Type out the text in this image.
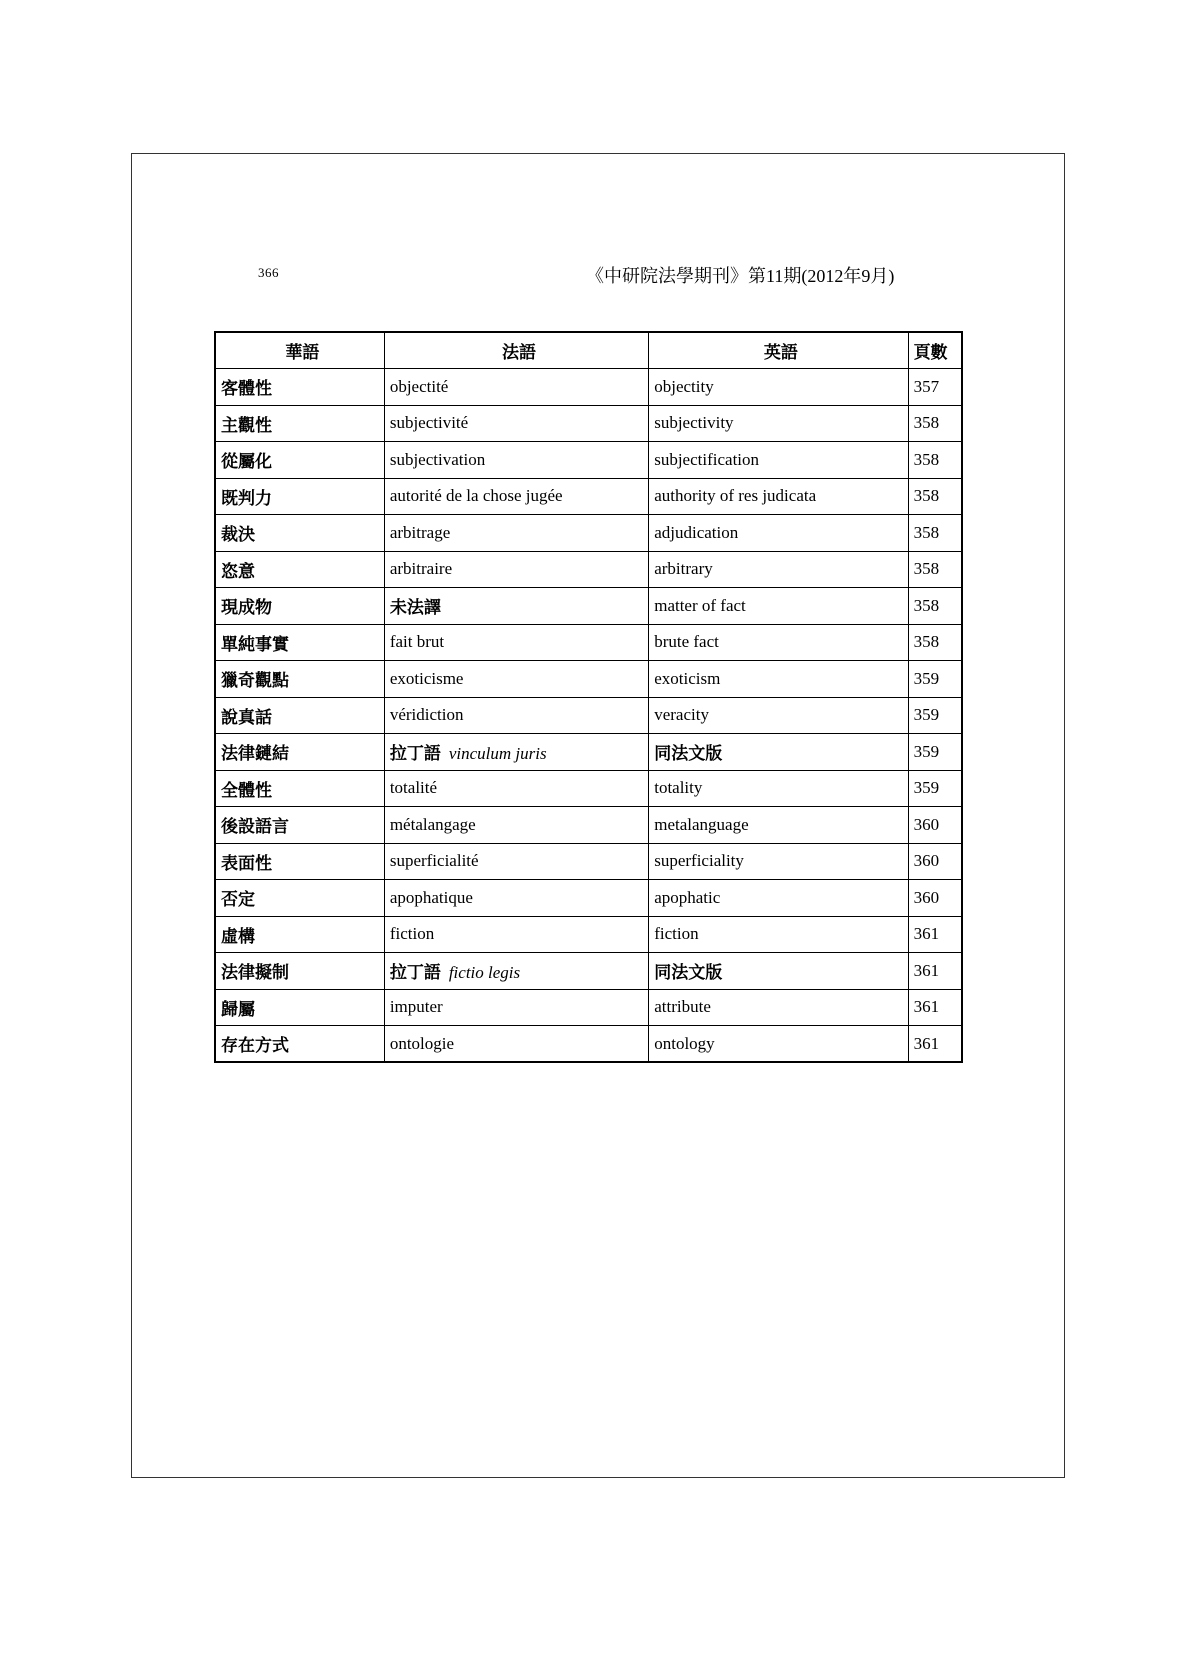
366	《中研院法學期刊》第11期(2012年9月)
華語	法語	英語	頁數
客體性	objectité	objectity	357
主觀性	subjectivité	subjectivity	358
從屬化	subjectivation	subjectification	358
既判力	autorité de la chose jugée	authority of res judicata	358
裁決	arbitrage	adjudication	358
恣意	arbitraire	arbitrary	358
現成物	未法譯	matter of fact	358
單純事實	fait brut	brute fact	358
獵奇觀點	exoticisme	exoticism	359
說真話	véridiction	veracity	359
法律鏈結	拉丁語 vinculum juris	同法文版	359
全體性	totalité	totality	359
後設語言	métalangage	metalanguage	360
表面性	superficialité	superficiality	360
否定	apophatique	apophatic	360
虛構	fiction	fiction	361
法律擬制	拉丁語 fictio legis	同法文版	361
歸屬	imputer	attribute	361
存在方式	ontologie	ontology	361
